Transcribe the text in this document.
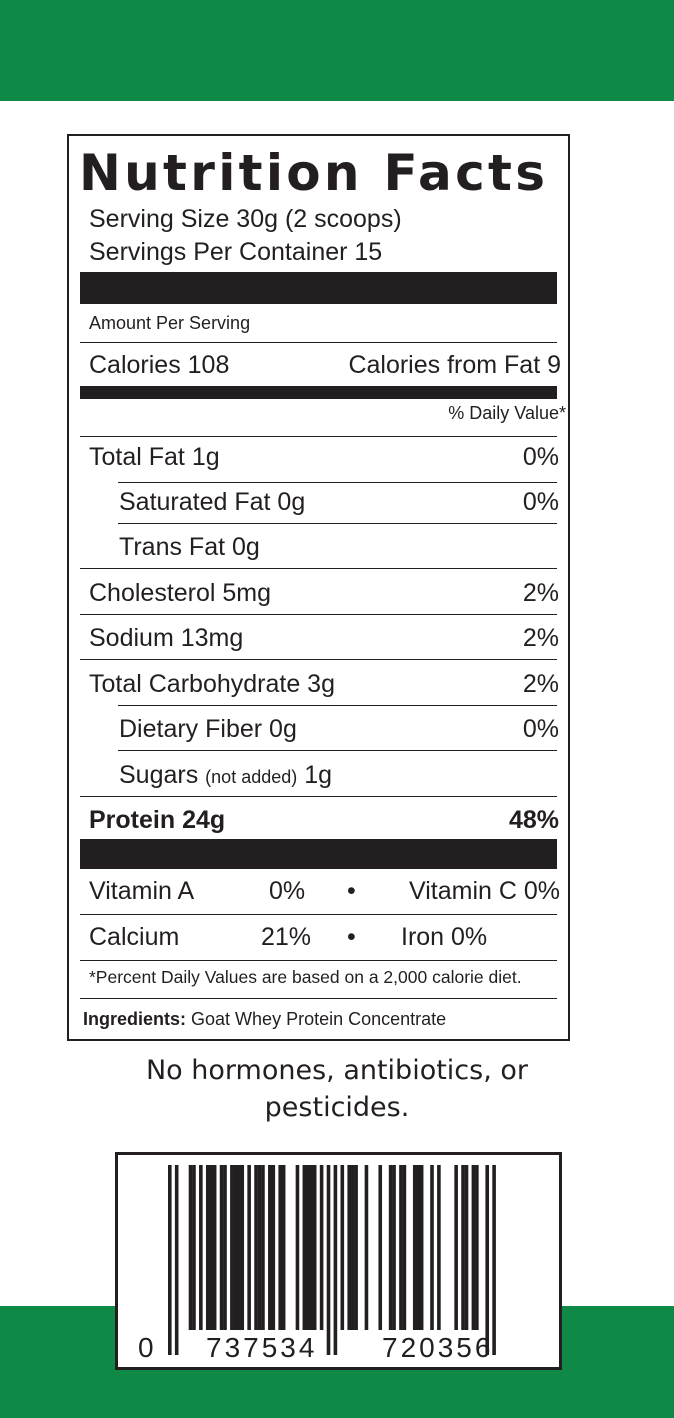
Nutrition Facts
Serving Size 30g (2 scoops)
Servings Per Container 15
Amount Per Serving
Calories 108	Calories from Fat 9
% Daily Value*
Total Fat 1g	0%
Saturated Fat 0g	0%
Trans Fat 0g
Cholesterol 5mg	2%
Sodium 13mg	2%
Total Carbohydrate 3g	2%
Dietary Fiber 0g	0%
Sugars (not added) 1g
Protein 24g	48%
Vitamin A	0% • Vitamin C 0%
Calcium	21% • Iron 0%
*Percent Daily Values are based on a 2,000 calorie diet.
Ingredients: Goat Whey Protein Concentrate
No hormones, antibiotics, or
pesticides.
0 737534 720356
